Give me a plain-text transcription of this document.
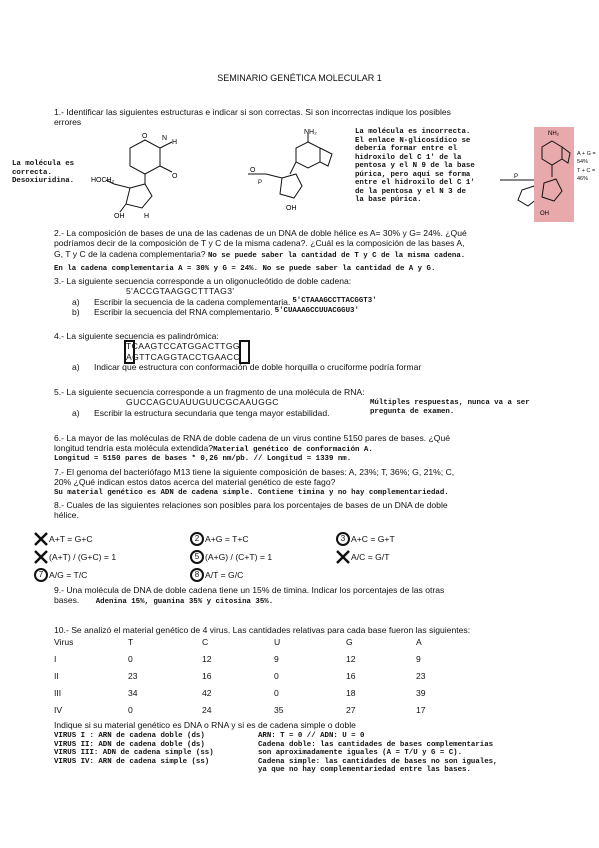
SEMINARIO GENÉTICA MOLECULAR 1
1.- Identificar las siguientes estructuras e indicar si son correctas. Si son incorrectas indique los posibles
errores
La molécula es
correcta.
Desoxiuridina.
H
O
N
HOCH₂
OH	H
O
NH₂
O
P
OH
La molécula es incorrecta.
El enlace N-glicosídico se
debería formar entre el
hidroxilo del C 1' de la
pentosa y el N 9 de la base
púrica, pero aquí se forma
entre el hidroxilo del C 1'
de la pentosa y el N 3 de
la base púrica.
P
NH₂
OH
A + G = 54%
T + C = 46%
2.- La composición de bases de una de las cadenas de un DNA de doble hélice es A= 30% y G= 24%. ¿Qué
podríamos decir de la composición de T y C de la misma cadena?. ¿Cuál es la composición de las bases A,
G, T y C de la cadena complementaria? No se puede saber la cantidad de T y C de la misma cadena.
En la cadena complementaria A = 30% y G = 24%. No se puede saber la cantidad de A y G.
3.- La siguiente secuencia corresponde a un oligonucleótido de doble cadena:
5'ACCGTAAGGCTTTAG3'
a)	Escribir la secuencia de la cadena complementaria. 5'CTAAAGCCTTACGGT3'
b)	Escribir la secuencia del RNA complementario. 5'CUAAAGCCUUACGGU3'
4.- La siguiente secuencia es palindrómica:
TCAAGTCCATGGACTTGG
AGTTCAGGTACCTGAACC
a)	Indicar que estructura con conformación de doble horquilla o cruciforme podría formar
5.- La siguiente secuencia corresponde a un fragmento de una molécula de RNA:
GUCCAGCUAUUGUUCGCAAUGGC
a)	Escribir la estructura secundaria que tenga mayor estabilidad.
Múltiples respuestas, nunca va a ser
pregunta de examen.
6.- La mayor de las moléculas de RNA de doble cadena de un virus contine 5150 pares de bases. ¿Qué
longitud tendría esta molécula extendida?Material genético de conformación A.
Longitud = 5150 pares de bases * 0,26 nm/pb. // Longitud = 1339 nm.
7.- El genoma del bacteriófago M13 tiene la siguiente composición de bases: A, 23%; T, 36%; G, 21%; C,
20% ¿Qué indican estos datos acerca del material genético de este fago?
Su material genético es ADN de cadena simple. Contiene timina y no hay complementariedad.
8.- Cuales de las siguientes relaciones son posibles para los porcentajes de bases de un DNA de doble
hélice.
A+T = G+C	2 A+G = T+C	3 A+C = G+T
(A+T) / (G+C) = 1	5 (A+G) / (C+T) = 1	A/C = G/T
7 A/G = T/C	8 A/T = G/C
9.- Una molécula de DNA de doble cadena tiene un 15% de timina. Indicar los porcentajes de las otras
bases. Adenina 15%, guanina 35% y citosina 35%.
10.- Se analizó el material genético de 4 virus. Las cantidades relativas para cada base fueron las siguientes:
Virus	T	C	U	G	A
I	0	12	9	12	9
II	23	16	0	16	23
III	34	42	0	18	39
IV	0	24	35	27	17
Indique si su material genético es DNA o RNA y si es de cadena simple o doble
VIRUS I : ARN de cadena doble (ds)
VIRUS II: ADN de cadena doble (ds)
VIRUS III: ADN de cadena simple (ss)
VIRUS IV: ARN de cadena simple (ss)
ARN: T = 0 // ADN: U = 0
Cadena doble: las cantidades de bases complementarias
son aproximadamente iguales (A = T/U y G = C).
Cadena simple: las cantidades de bases no son iguales,
ya que no hay complementariedad entre las bases.
